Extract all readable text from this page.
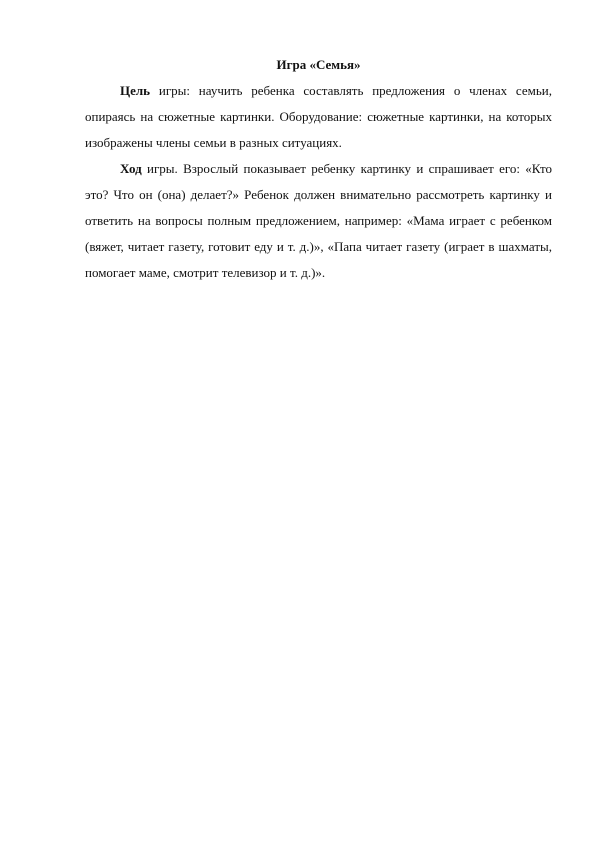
Игра «Семья»

Цель игры: научить ребенка составлять предложения о членах семьи, опираясь на сюжетные картинки. Оборудование: сюжетные картинки, на которых изображены члены семьи в разных ситуациях.

Ход игры. Взрослый показывает ребенку картинку и спрашивает его: «Кто это? Что он (она) делает?» Ребенок должен внимательно рассмотреть картинку и ответить на вопросы полным предложением, например: «Мама играет с ребенком (вяжет, читает газету, готовит еду и т. д.)», «Папа читает газету (играет в шахматы, помогает маме, смотрит телевизор и т. д.)».
